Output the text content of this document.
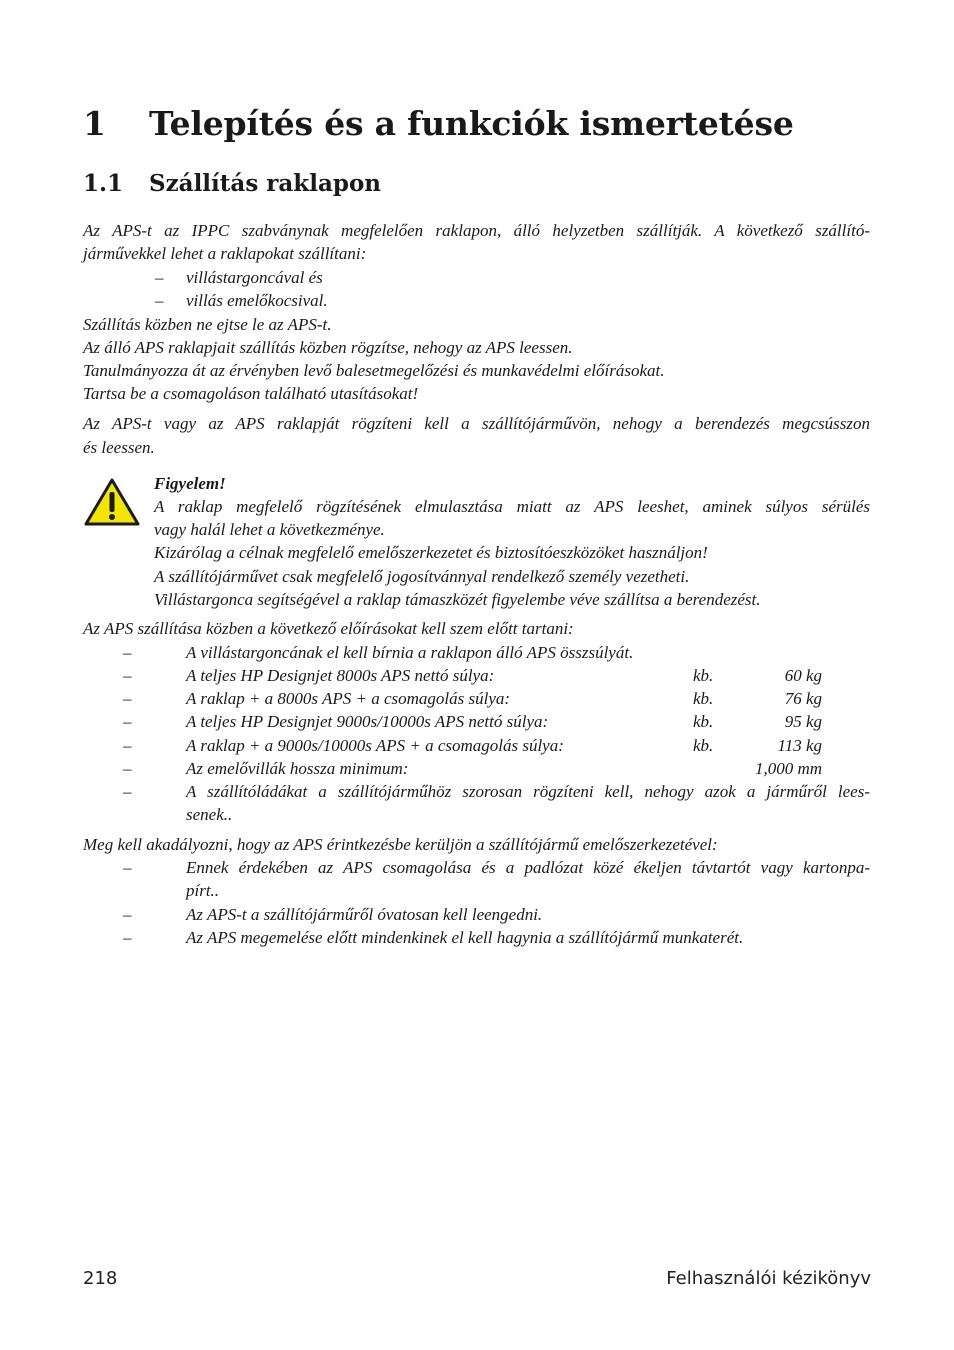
1 Telepítés és a funkciók ismertetése
1.1 Szállítás raklapon
Az APS-t az IPPC szabványnak megfelelően raklapon, álló helyzetben szállítják. A következő szállító-
járművekkel lehet a raklapokat szállítani:
– villástargoncával és
– villás emelőkocsival.
Szállítás közben ne ejtse le az APS-t.
Az álló APS raklapjait szállítás közben rögzítse, nehogy az APS leessen.
Tanulmányozza át az érvényben levő balesetmegelőzési és munkavédelmi előírásokat.
Tartsa be a csomagoláson található utasításokat!
Az APS-t vagy az APS raklapját rögzíteni kell a szállítójárművön, nehogy a berendezés megcsússzon
és leessen.
Figyelem!
A raklap megfelelő rögzítésének elmulasztása miatt az APS leeshet, aminek súlyos sérülés
vagy halál lehet a következménye.
Kizárólag a célnak megfelelő emelőszerkezetet és biztosítóeszközöket használjon!
A szállítójárművet csak megfelelő jogosítvánnyal rendelkező személy vezetheti.
Villástargonca segítségével a raklap támaszközét figyelembe véve szállítsa a berendezést.
Az APS szállítása közben a következő előírásokat kell szem előtt tartani:
–	A villástargoncának el kell bírnia a raklapon álló APS összsúlyát.
–	A teljes HP Designjet 8000s APS nettó súlya:	kb.	60 kg
–	A raklap + a 8000s APS + a csomagolás súlya:	kb.	76 kg
–	A teljes HP Designjet 9000s/10000s APS nettó súlya:	kb.	95 kg
–	A raklap + a 9000s/10000s APS + a csomagolás súlya:	kb.	113 kg
–	Az emelővillák hossza minimum:	1,000 mm
–	A szállítóládákat a szállítójárműhöz szorosan rögzíteni kell, nehogy azok a járműről lees-
senek..
Meg kell akadályozni, hogy az APS érintkezésbe kerüljön a szállítójármű emelőszerkezetével:
–	Ennek érdekében az APS csomagolása és a padlózat közé ékeljen távtartót vagy kartonpa-
pírt..
–	Az APS-t a szállítójárműről óvatosan kell leengedni.
–	Az APS megemelése előtt mindenkinek el kell hagynia a szállítójármű munkaterét.
218	Felhasználói kézikönyv
